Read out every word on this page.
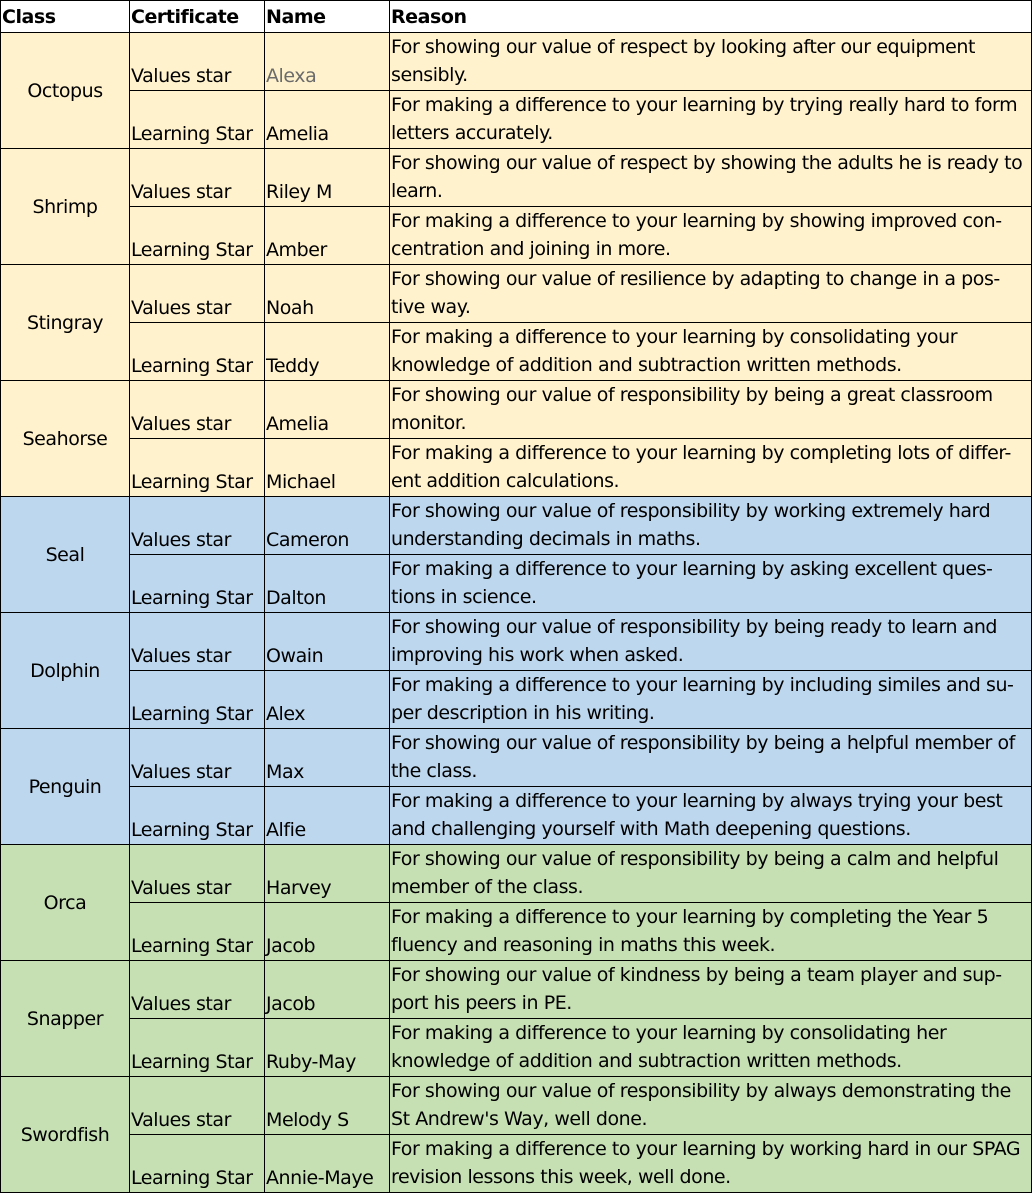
Class	Certificate	Name	Reason
Octopus	Values star	Alexa	For showing our value of respect by looking after our equipment sensibly.
	Learning Star	Amelia	For making a difference to your learning by trying really hard to form letters accurately.
Shrimp	Values star	Riley M	For showing our value of respect by showing the adults he is ready to learn.
	Learning Star	Amber	For making a difference to your learning by showing improved con-centration and joining in more.
Stingray	Values star	Noah	For showing our value of resilience by adapting to change in a pos-tive way.
	Learning Star	Teddy	For making a difference to your learning by consolidating your knowledge of addition and subtraction written methods.
Seahorse	Values star	Amelia	For showing our value of responsibility by being a great classroom monitor.
	Learning Star	Michael	For making a difference to your learning by completing lots of differ-ent addition calculations.
Seal	Values star	Cameron	For showing our value of responsibility by working extremely hard understanding decimals in maths.
	Learning Star	Dalton	For making a difference to your learning by asking excellent ques-tions in science.
Dolphin	Values star	Owain	For showing our value of responsibility by being ready to learn and improving his work when asked.
	Learning Star	Alex	For making a difference to your learning by including similes and su-per description in his writing.
Penguin	Values star	Max	For showing our value of responsibility by being a helpful member of the class.
	Learning Star	Alfie	For making a difference to your learning by always trying your best and challenging yourself with Math deepening questions.
Orca	Values star	Harvey	For showing our value of responsibility by being a calm and helpful member of the class.
	Learning Star	Jacob	For making a difference to your learning by completing the Year 5 fluency and reasoning in maths this week.
Snapper	Values star	Jacob	For showing our value of kindness by being a team player and sup-port his peers in PE.
	Learning Star	Ruby-May	For making a difference to your learning by consolidating her knowledge of addition and subtraction written methods.
Swordfish	Values star	Melody S	For showing our value of responsibility by always demonstrating the St Andrew's Way, well done.
	Learning Star	Annie-Maye	For making a difference to your learning by working hard in our SPAG revision lessons this week, well done.
